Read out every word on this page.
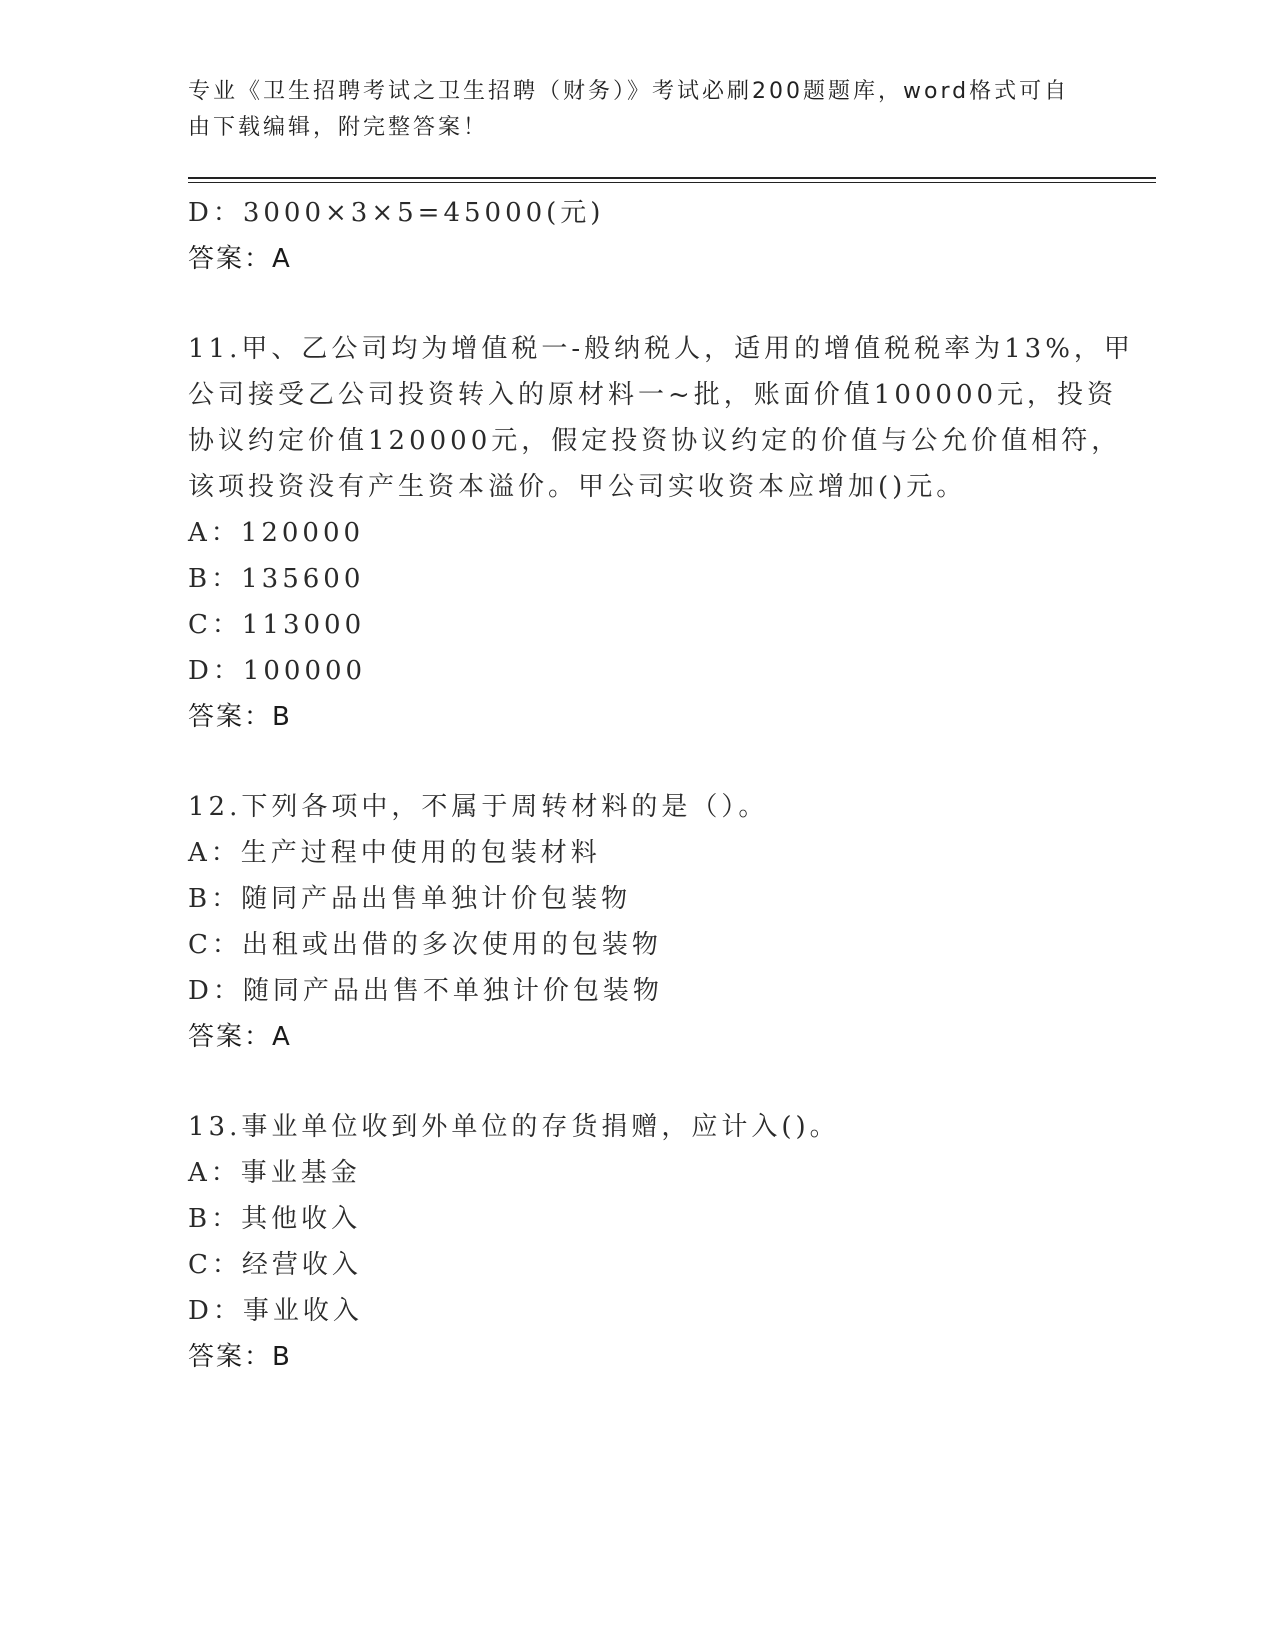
专业《卫生招聘考试之卫生招聘（财务）》考试必刷200题题库，word格式可自
由下载编辑，附完整答案！
D：3000×3×5=45000(元)
答案：A
11.甲、乙公司均为增值税一-般纳税人，适用的增值税税率为13%，甲
公司接受乙公司投资转入的原材料一~批，账面价值100000元，投资
协议约定价值120000元，假定投资协议约定的价值与公允价值相符，
该项投资没有产生资本溢价。甲公司实收资本应增加()元。
A：120000
B：135600
C：113000
D：100000
答案：B
12.下列各项中，不属于周转材料的是（）。
A：生产过程中使用的包装材料
B：随同产品出售单独计价包装物
C：出租或出借的多次使用的包装物
D：随同产品出售不单独计价包装物
答案：A
13.事业单位收到外单位的存货捐赠，应计入()。
A：事业基金
B：其他收入
C：经营收入
D：事业收入
答案：B
